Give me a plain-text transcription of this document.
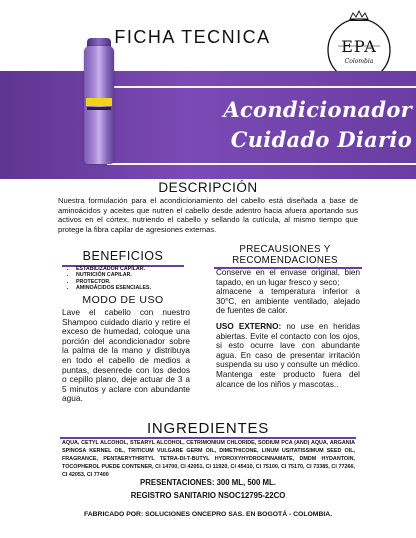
FICHA TECNICA	EPA
Colombia
Acondicionador
Cuidado Diario
DESCRIPCIÓN
Nuestra formulación para el acondicionamiento del cabello está diseñada a base de aminoácidos y aceites que nutren el cabello desde adentro hacia afuera aportando sus activos en el córtex, nutriendo el cabello y sellando la cutícula, al mismo tiempo que protege la fibra capilar de agresiones externas.
BENEFICIOS
• ESTABILIZADOR CAPILAR.
• NUTRICIÓN CAPILAR.
• PROTECTOR.
• AMINOÁCIDOS ESENCIALES.
MODO DE USO
Lave el cabello con nuestro Shampoo cuidado diario y retire el exceso de humedad, coloque una porción del acondicionador sobre la palma de la mano y distribuya en todo el cabello de medios a puntas, desenrede con los dedos o cepillo plano, deje actuar de 3 a 5 minutos y aclare con abundante agua.
PRECAUSIONES Y
RECOMENDACIONES

Conserve en el envase original, bien tapado, en un lugar fresco y seco;

almacene a temperatura inferior a 30°C, en ambiente ventilado, alejado de fuentes de calor.

USO EXTERNO: no use en heridas abiertas. Evite el contacto con los ojos, si esto ocurre lave con abundante agua. En caso de presentar irritación suspenda su uso y consulte un médico. Mantenga este producto fuera del alcance de los niños y mascotas..

INGREDIENTES
AQUA, CETYL ALCOHOL, STEARYL ALCOHOL, CETRIMONIUM CHLORIDE, SODIUM PCA (AND) AQUA, ARGANIA SPINOSA KERNEL OIL, TRITICUM VULGARE GERM OIL, DIMETHICONE, LINUM USITATISSIMUM SEED OIL, FRAGRANCE, PENTAERYTHRITYL TETRA-DI-T-BUTYL HYDROXYHYDROCINNAMATE, DMDM HYDANTOIN, TOCOPHEROL PUEDE CONTENER, CI 14700, CI 42051, CI 11920, CI 45410, CI 75100, CI 75170, CI 73385, CI 77266, CI 42053, CI 77400
PRESENTACIONES: 300 ML, 500 ML.
REGISTRO SANITARIO NSOC12795-22CO
FABRICADO POR: SOLUCIONES ONCEPRO SAS. EN BOGOTÁ - COLOMBIA.
